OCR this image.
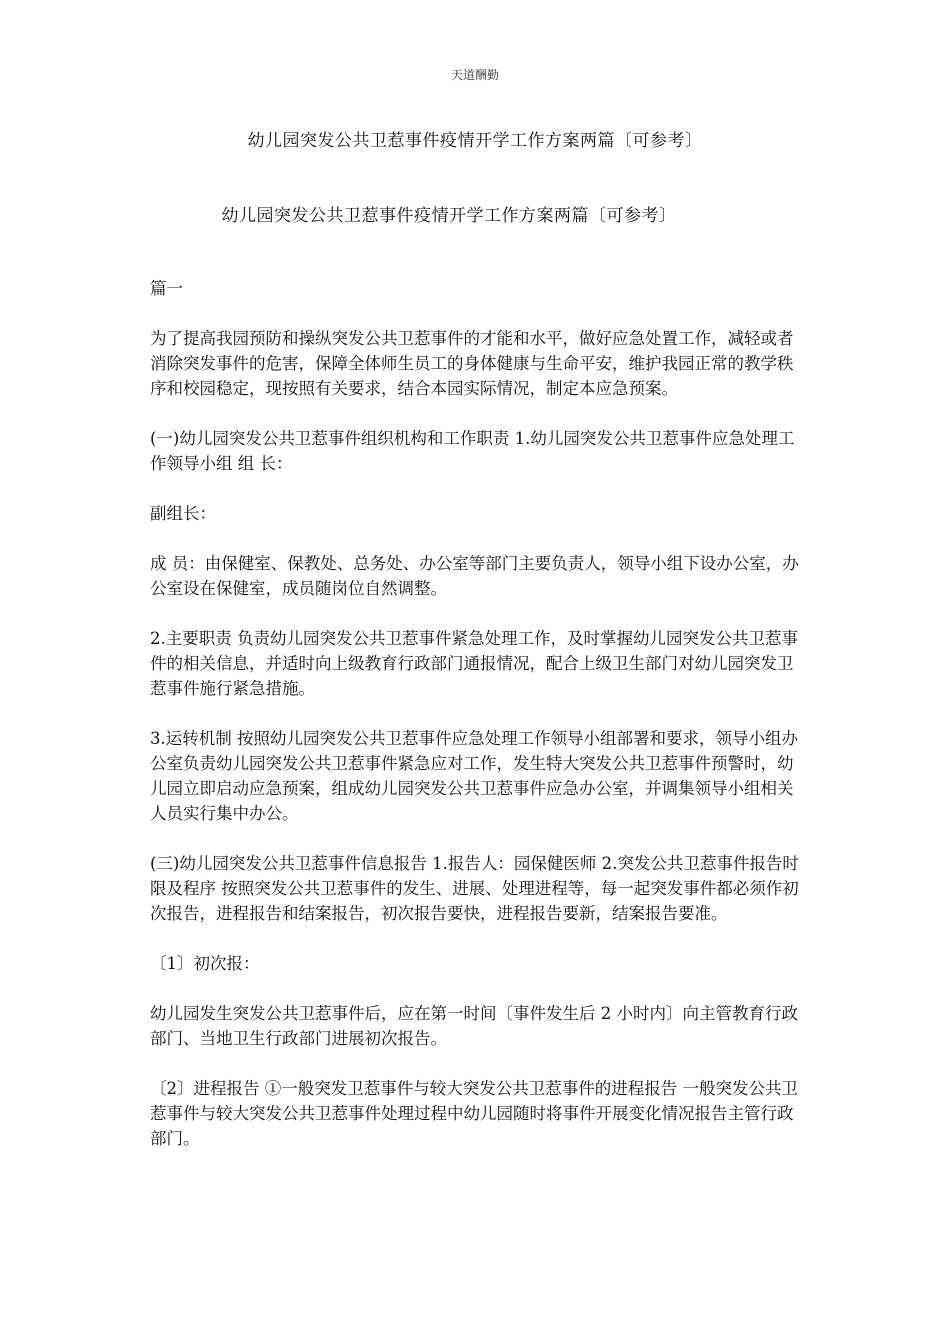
天道酬勤
幼儿园突发公共卫惹事件疫情开学工作方案两篇〔可参考〕
幼儿园突发公共卫惹事件疫情开学工作方案两篇〔可参考〕

篇一

为了提高我园预防和操纵突发公共卫惹事件的才能和水平，做好应急处置工作，减轻或者消除突发事件的危害，保障全体师生员工的身体健康与生命平安，维护我园正常的教学秩序和校园稳定，现按照有关要求，结合本园实际情况，制定本应急预案。

(一)幼儿园突发公共卫惹事件组织机构和工作职责 1.幼儿园突发公共卫惹事件应急处理工作领导小组 组 长：

副组长：

成 员：由保健室、保教处、总务处、办公室等部门主要负责人，领导小组下设办公室，办公室设在保健室，成员随岗位自然调整。

2.主要职责 负责幼儿园突发公共卫惹事件紧急处理工作，及时掌握幼儿园突发公共卫惹事件的相关信息，并适时向上级教育行政部门通报情况，配合上级卫生部门对幼儿园突发卫惹事件施行紧急措施。

3.运转机制 按照幼儿园突发公共卫惹事件应急处理工作领导小组部署和要求，领导小组办公室负责幼儿园突发公共卫惹事件紧急应对工作，发生特大突发公共卫惹事件预警时，幼儿园立即启动应急预案，组成幼儿园突发公共卫惹事件应急办公室，并调集领导小组相关人员实行集中办公。

(三)幼儿园突发公共卫惹事件信息报告 1.报告人：园保健医师 2.突发公共卫惹事件报告时限及程序 按照突发公共卫惹事件的发生、进展、处理进程等，每一起突发事件都必须作初次报告，进程报告和结案报告，初次报告要快，进程报告要新，结案报告要准。

〔1〕初次报：

幼儿园发生突发公共卫惹事件后，应在第一时间〔事件发生后 2 小时内〕向主管教育行政部门、当地卫生行政部门进展初次报告。

〔2〕进程报告 ①一般突发卫惹事件与较大突发公共卫惹事件的进程报告 一般突发公共卫惹事件与较大突发公共卫惹事件处理过程中幼儿园随时将事件开展变化情况报告主管行政部门。
